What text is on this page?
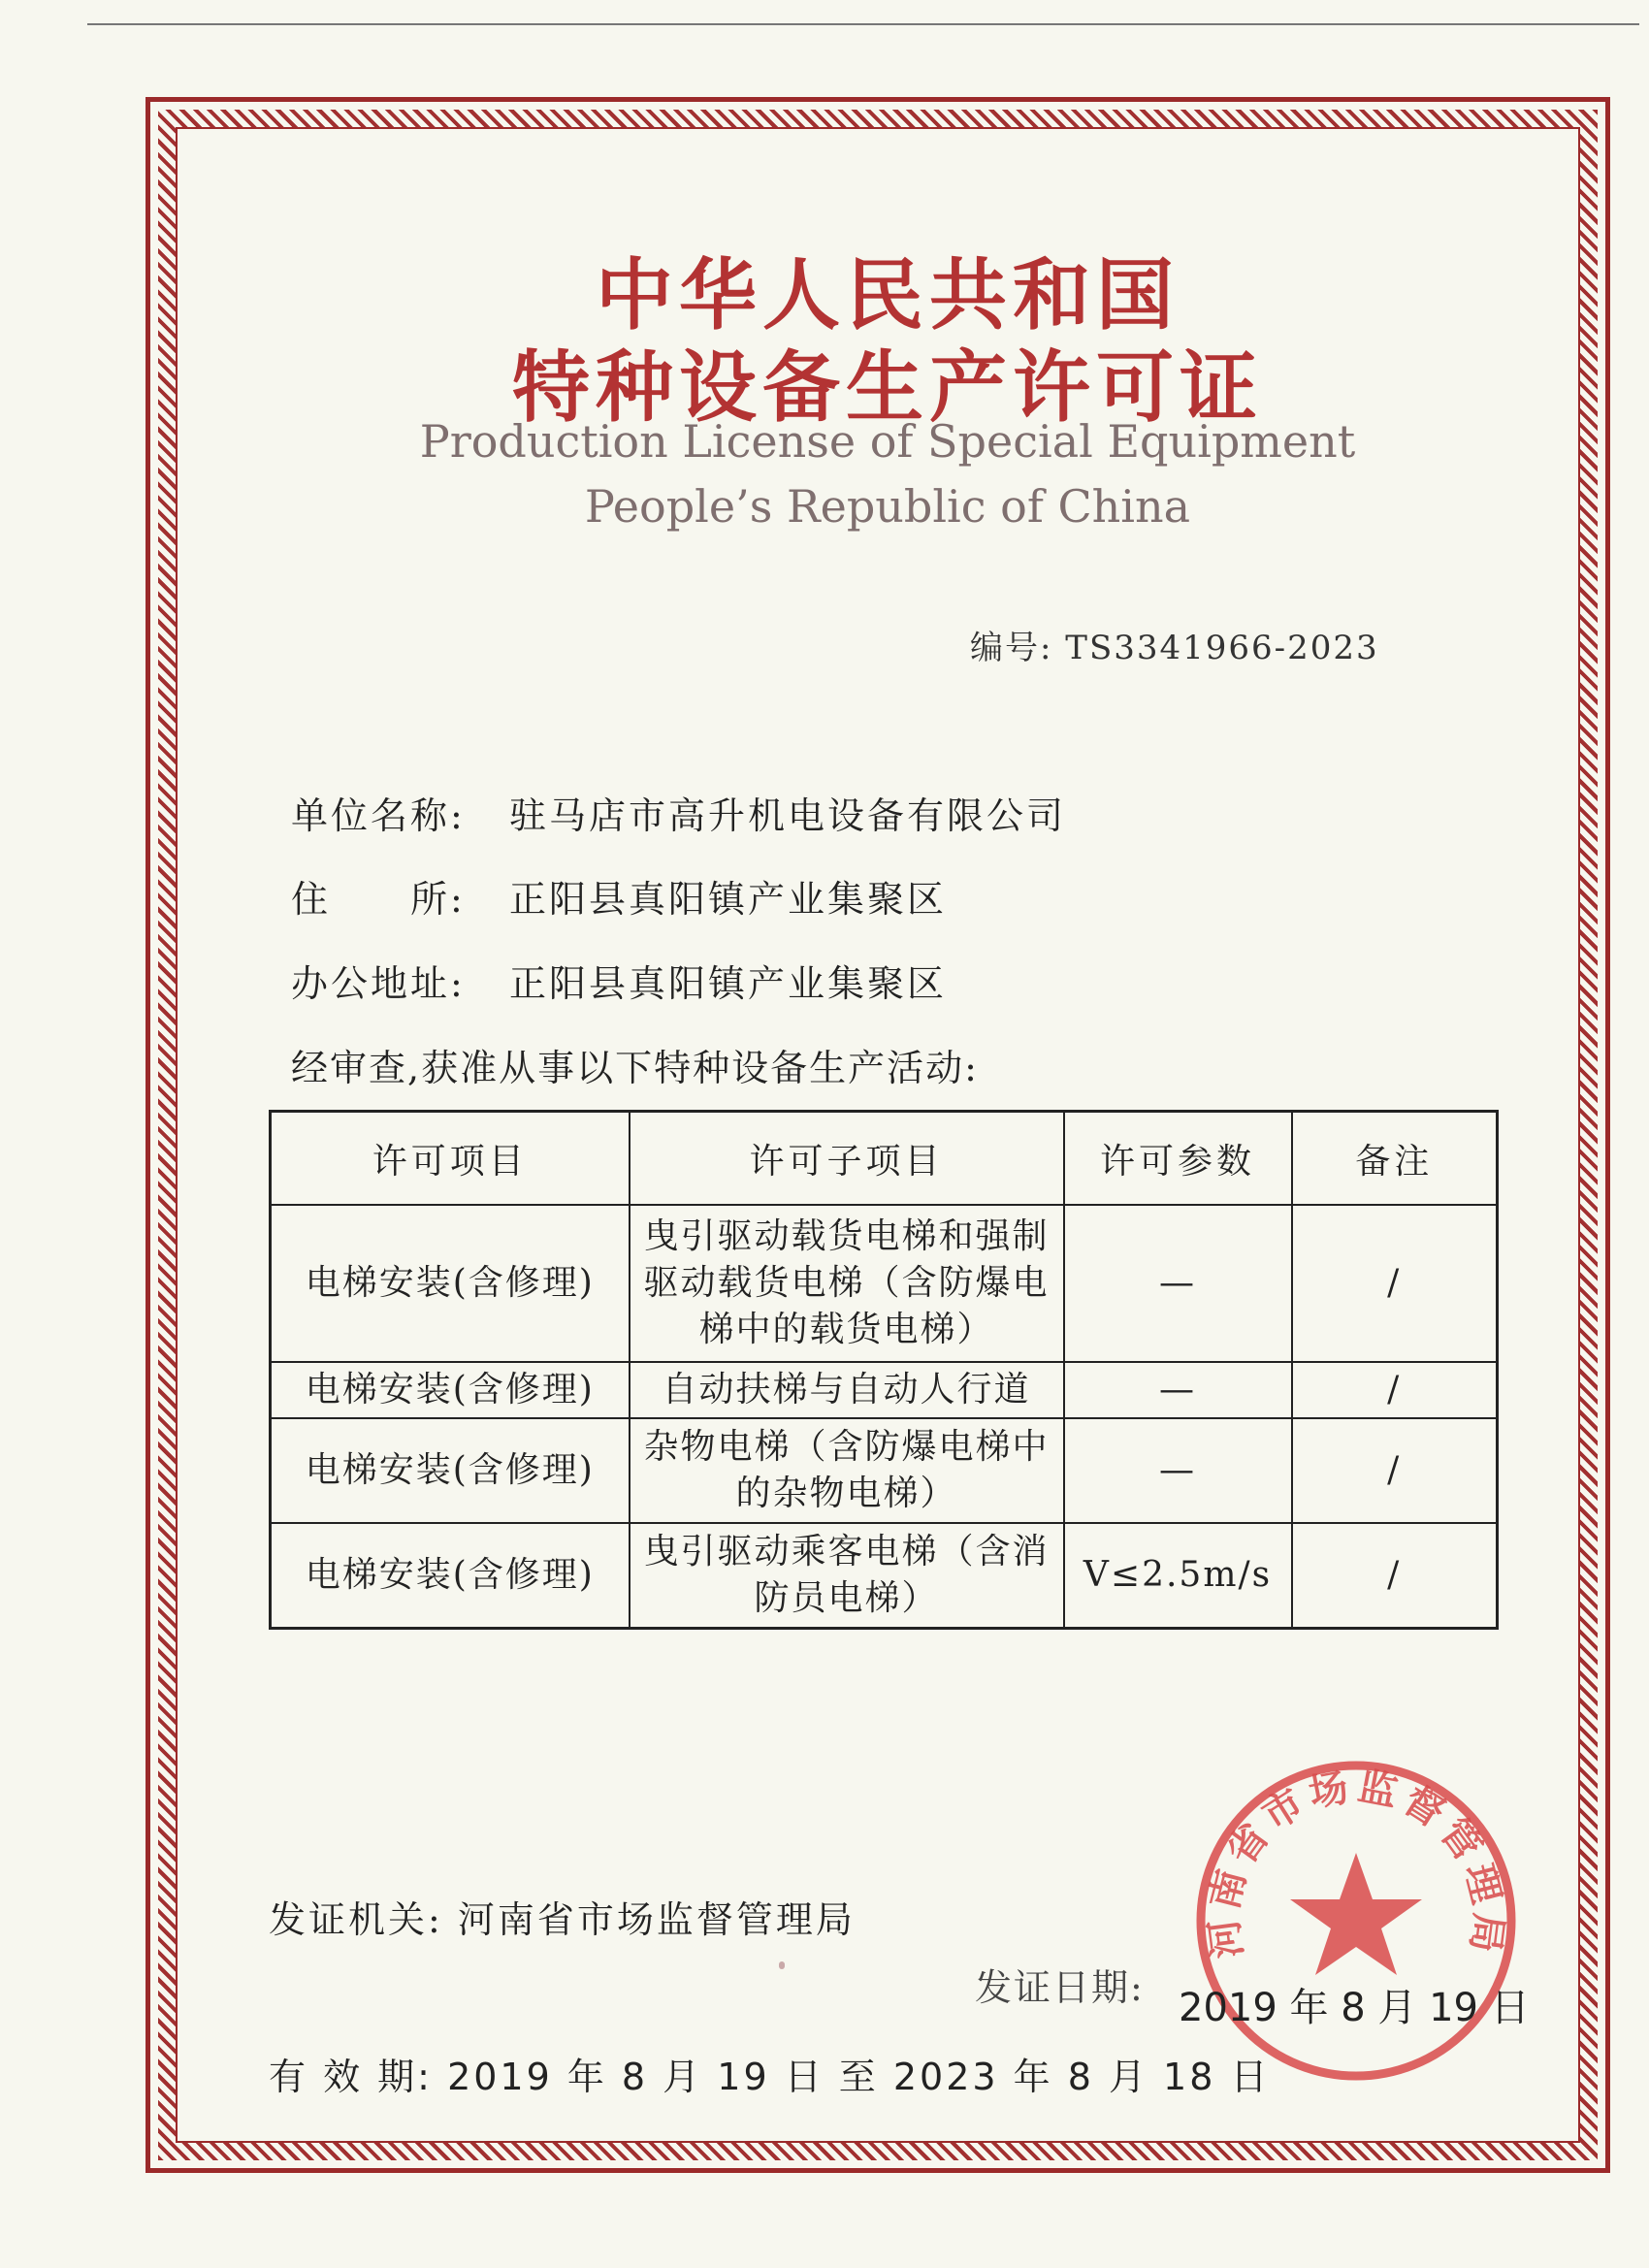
中华人民共和国
特种设备生产许可证
Production License of Special Equipment
People’s Republic of China
编号: TS3341966-2023
单位名称: 驻马店市高升机电设备有限公司
住　　所: 正阳县真阳镇产业集聚区
办公地址: 正阳县真阳镇产业集聚区
经审查,获准从事以下特种设备生产活动:
许可项目	许可子项目	许可参数	备注
电梯安装(含修理)	曳引驱动载货电梯和强制驱动载货电梯（含防爆电梯中的载货电梯）	—	/
电梯安装(含修理)	自动扶梯与自动人行道	—	/
电梯安装(含修理)	杂物电梯（含防爆电梯中的杂物电梯）	—	/
电梯安装(含修理)	曳引驱动乘客电梯（含消防员电梯）	V≤2.5m/s	/
发证机关: 河南省市场监督管理局	河南省市场监督管理局
发证日期: 2019 年 8 月 19 日
有 效 期: 2019 年 8 月 19 日 至 2023 年 8 月 18 日
